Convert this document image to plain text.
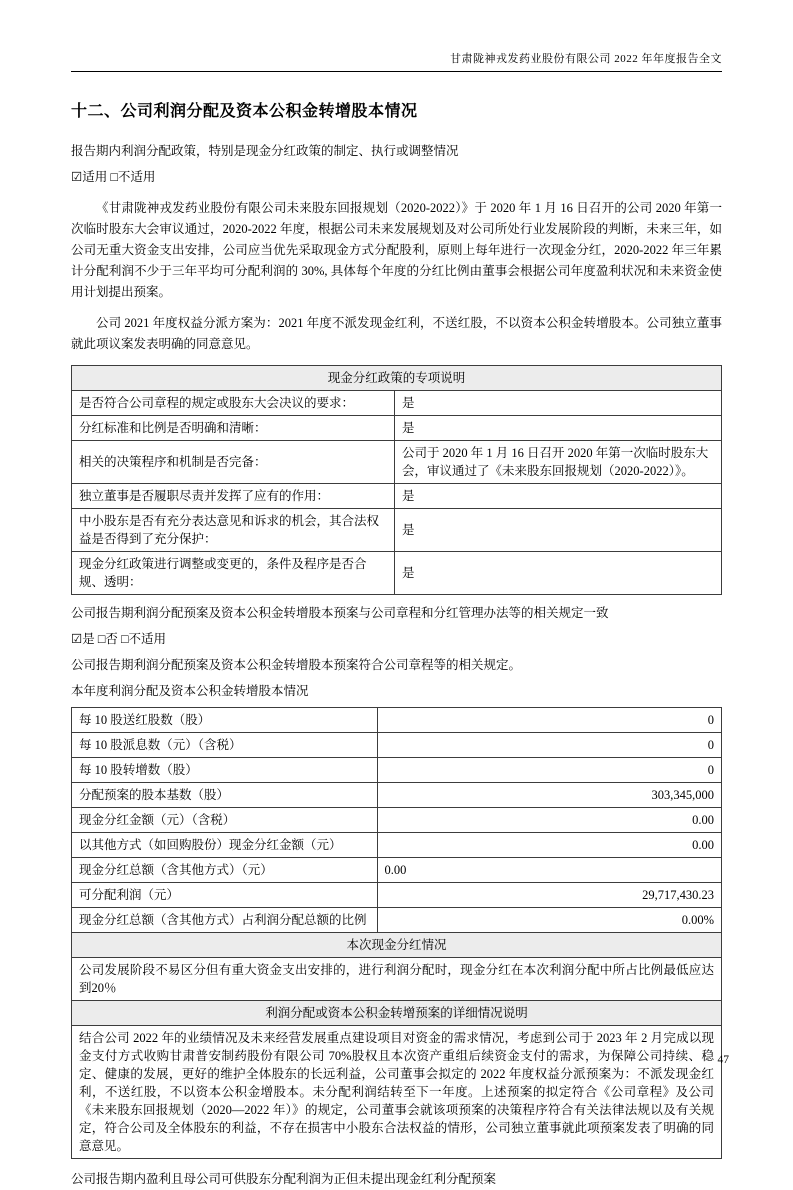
甘肃陇神戎发药业股份有限公司 2022 年年度报告全文
十二、公司利润分配及资本公积金转增股本情况

报告期内利润分配政策，特别是现金分红政策的制定、执行或调整情况

☑适用 □不适用

《甘肃陇神戎发药业股份有限公司未来股东回报规划（2020-2022）》于 2020 年 1 月 16 日召开的公司 2020 年第一次临时股东大会审议通过，2020-2022 年度，根据公司未来发展规划及对公司所处行业发展阶段的判断，未来三年，如公司无重大资金支出安排，公司应当优先采取现金方式分配股利，原则上每年进行一次现金分红，2020-2022 年三年累计分配利润不少于三年平均可分配利润的 30%, 具体每个年度的分红比例由董事会根据公司年度盈利状况和未来资金使用计划提出预案。

公司 2021 年度权益分派方案为：2021 年度不派发现金红利，不送红股，不以资本公积金转增股本。公司独立董事就此项议案发表明确的同意意见。

现金分红政策的专项说明	
是否符合公司章程的规定或股东大会决议的要求：	是
分红标准和比例是否明确和清晰：	是
相关的决策程序和机制是否完备：	公司于 2020 年 1 月 16 日召开 2020 年第一次临时股东大会，审议通过了《未来股东回报规划（2020-2022）》。
独立董事是否履职尽责并发挥了应有的作用：	是
中小股东是否有充分表达意见和诉求的机会，其合法权益是否得到了充分保护：	是
现金分红政策进行调整或变更的，条件及程序是否合规、透明：	是

公司报告期利润分配预案及资本公积金转增股本预案与公司章程和分红管理办法等的相关规定一致

☑是 □否 □不适用

公司报告期利润分配预案及资本公积金转增股本预案符合公司章程等的相关规定。

本年度利润分配及资本公积金转增股本情况

每 10 股送红股数（股）	0
每 10 股派息数（元）（含税）	0
每 10 股转增数（股）	0
分配预案的股本基数（股）	303,345,000
现金分红金额（元）（含税）	0.00
以其他方式（如回购股份）现金分红金额（元）	0.00
现金分红总额（含其他方式）（元）	0.00
可分配利润（元）	29,717,430.23
现金分红总额（含其他方式）占利润分配总额的比例	0.00%
本次现金分红情况	
公司发展阶段不易区分但有重大资金支出安排的，进行利润分配时，现金分红在本次利润分配中所占比例最低应达到20％	
利润分配或资本公积金转增预案的详细情况说明	
结合公司 2022 年的业绩情况及未来经营发展重点建设项目对资金的需求情况，考虑到公司于 2023 年 2 月完成以现金支付方式收购甘肃普安制药股份有限公司 70%股权且本次资产重组后续资金支付的需求，为保障公司持续、稳定、健康的发展，更好的维护全体股东的长远利益，公司董事会拟定的 2022 年度权益分派预案为：不派发现金红利，不送红股，不以资本公积金增股本。未分配利润结转至下一年度。上述预案的拟定符合《公司章程》及公司《未来股东回报规划（2020—2022 年）》的规定，公司董事会就该项预案的决策程序符合有关法律法规以及有关规定，符合公司及全体股东的利益，不存在损害中小股东合法权益的情形，公司独立董事就此项预案发表了明确的同意意见。	

公司报告期内盈利且母公司可供股东分配利润为正但未提出现金红利分配预案

47
